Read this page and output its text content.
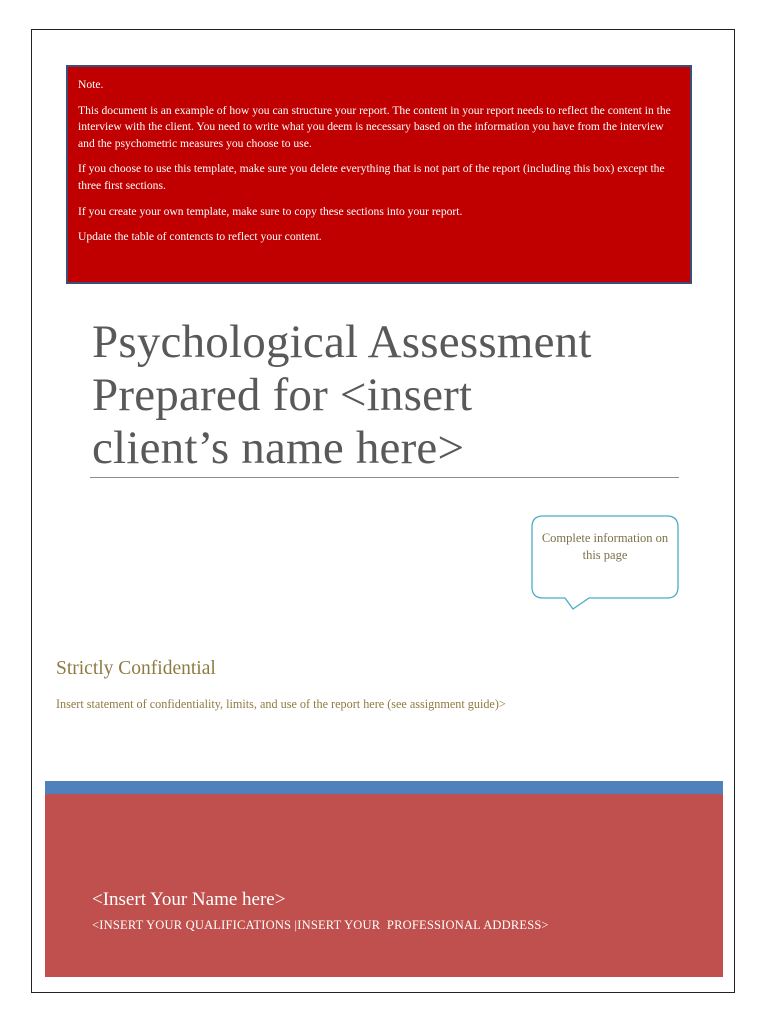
Note.

This document is an example of how you can structure your report. The content in your report needs to reflect the content in the interview with the client. You need to write what you deem is necessary based on the information you have from the interview and the psychometric measures you choose to use.

If you choose to use this template, make sure you delete everything that is not part of the report (including this box) except the three first sections.

If you create your own template, make sure to copy these sections into your report.

Update the table of contencts to reflect your content.

Psychological Assessment
Prepared for <insert
client’s name here>
Complete information on this page
Strictly Confidential
Insert statement of confidentiality, limits, and use of the report here (see assignment guide)>
<Insert Your Name here>
<INSERT YOUR QUALIFICATIONS |INSERT YOUR  PROFESSIONAL ADDRESS>
